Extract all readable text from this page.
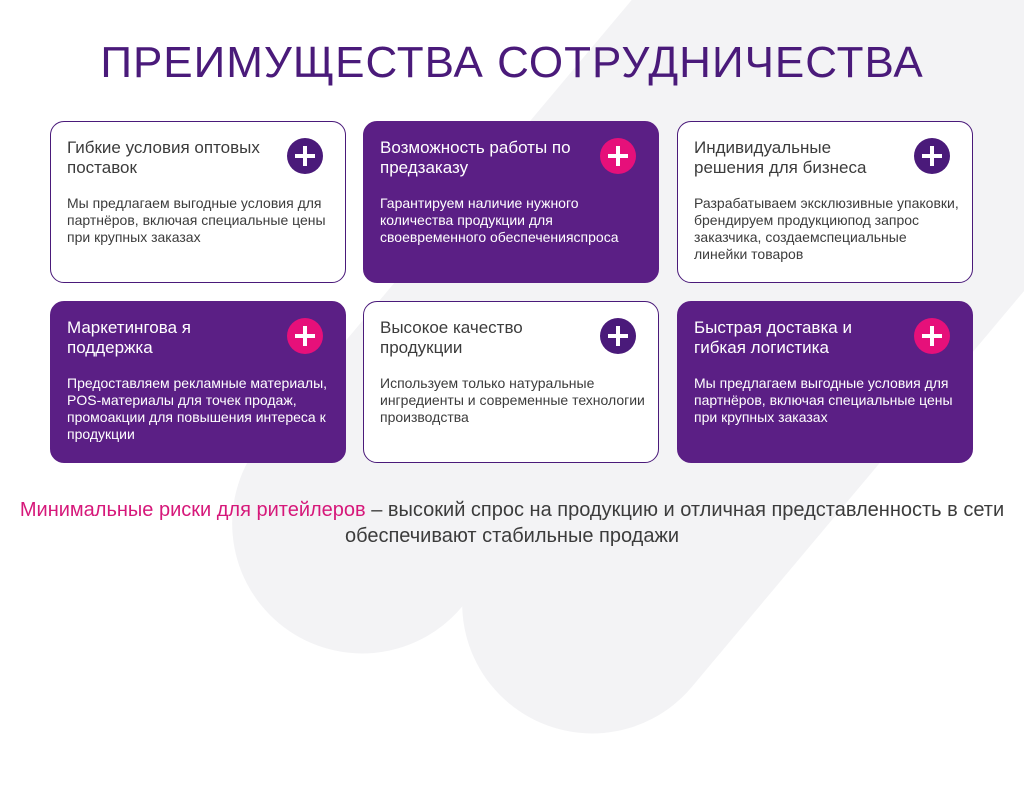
ПРЕИМУЩЕСТВА СОТРУДНИЧЕСТВА
Гибкие условия оптовых поставок
Мы предлагаем выгодные условия для партнёров, включая специальные цены при крупных заказах
Возможность работы по предзаказу
Гарантируем наличие нужного количества продукции для своевременного обеспеченияспроса
Индивидуальные решения для бизнеса
Разрабатываем эксклюзивные упаковки, брендируем продукциюпод запрос заказчика, создаемспециальные линейки товаров
Маркетингова я поддержка
Предоставляем рекламные материалы, POS-материалы для точек продаж, промоакции для повышения интереса к продукции
Высокое качество продукции
Используем только натуральные ингредиенты и современные технологии производства
Быстрая доставка и гибкая логистика
Мы предлагаем выгодные условия для партнёров, включая специальные цены при крупных заказах
Минимальные риски для ритейлеров – высокий спрос на продукцию и отличная представленность в сети обеспечивают стабильные продажи
